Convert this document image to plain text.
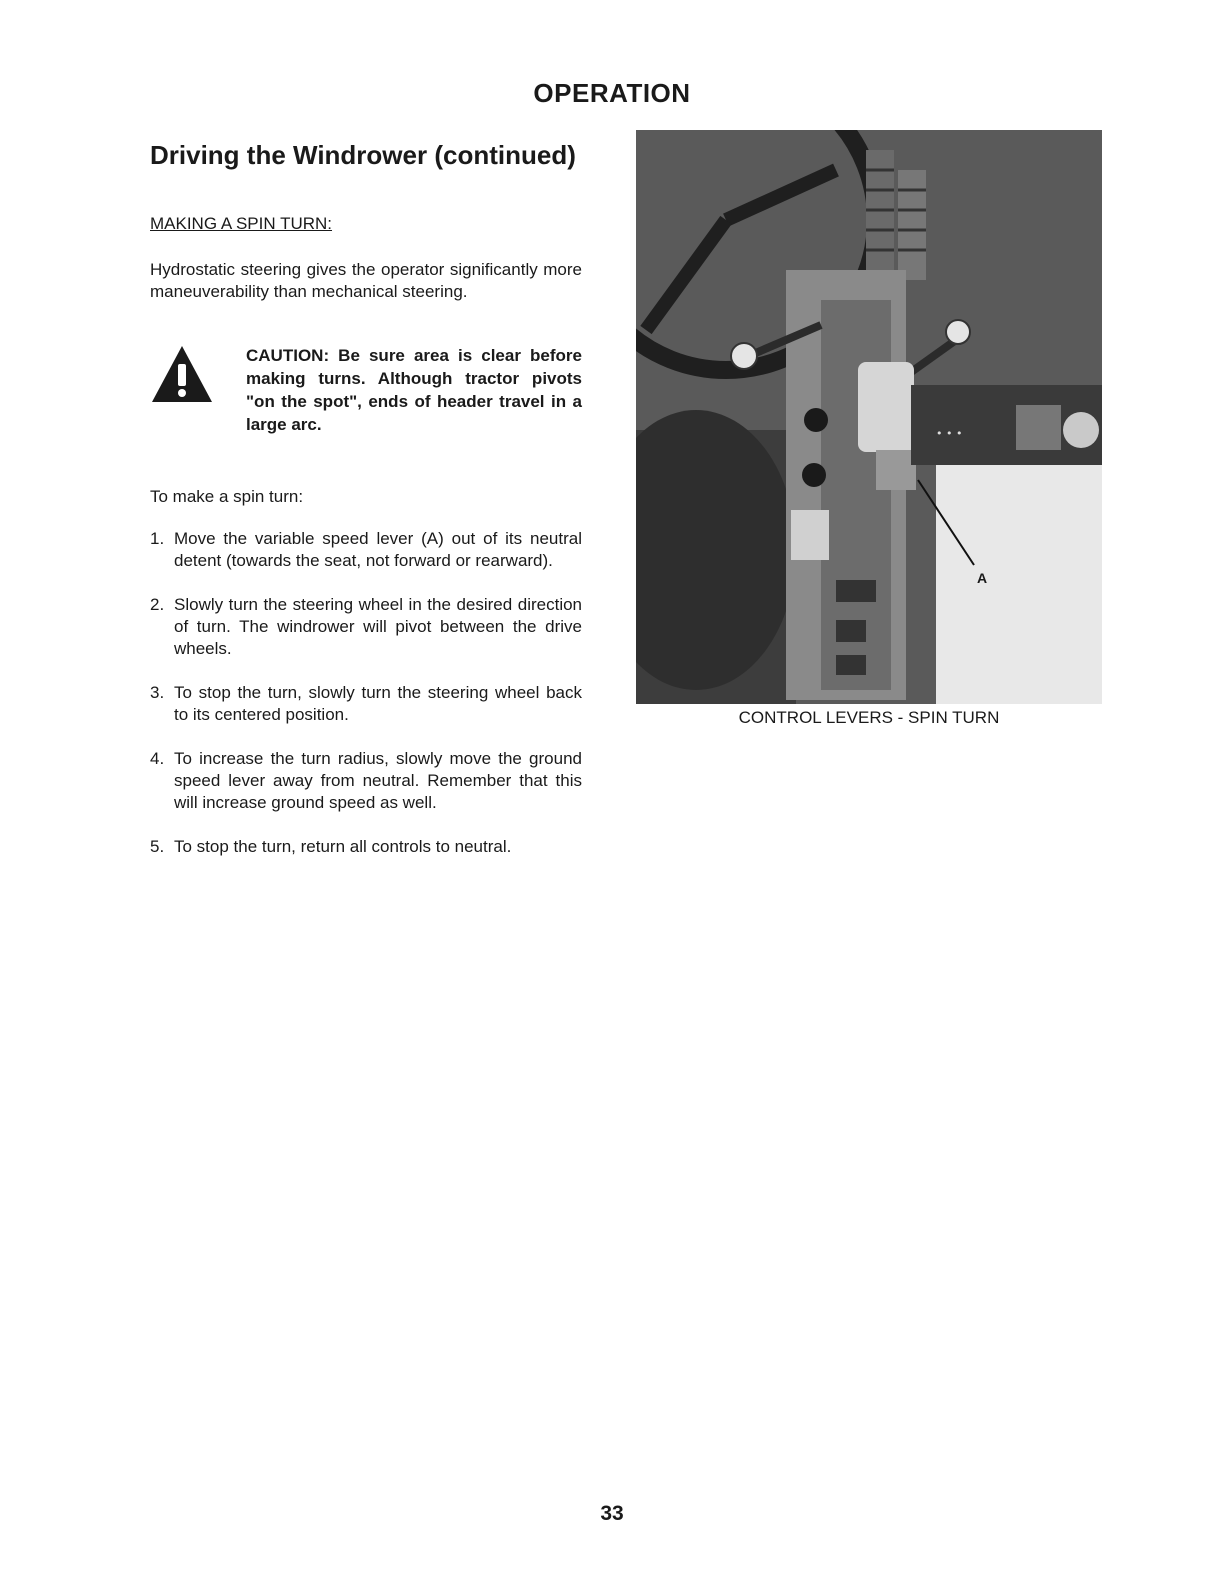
OPERATION
Driving the Windrower (continued)
MAKING A SPIN TURN:
Hydrostatic steering gives the operator significantly more maneuverability than mechanical steering.
CAUTION: Be sure area is clear before making turns. Although tractor pivots "on the spot", ends of header travel in a large arc.
To make a spin turn:
1. Move the variable speed lever (A) out of its neutral detent (towards the seat, not forward or rearward).
2. Slowly turn the steering wheel in the desired direction of turn. The windrower will pivot between the drive wheels.
3. To stop the turn, slowly turn the steering wheel back to its centered position.
4. To increase the turn radius, slowly move the ground speed lever away from neutral. Remember that this will increase ground speed as well.
5. To stop the turn, return all controls to neutral.
• • •
A
CONTROL LEVERS - SPIN TURN
33
